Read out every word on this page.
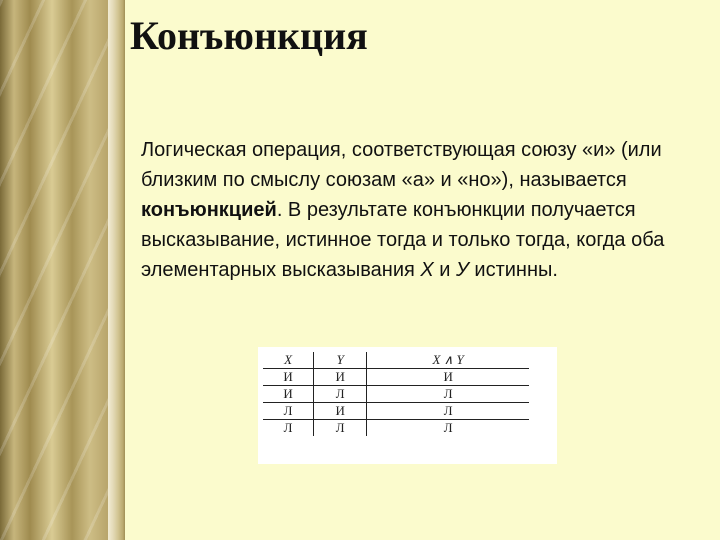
Конъюнкция

Логическая операция, соответствующая союзу «и» (или близким по смыслу союзам «а» и «но»), называется конъюнкцией. В результате конъюнкции получается высказывание, истинное тогда и только тогда, когда оба элементарных высказывания X и У истинны.

X	Y	X ∧ Y
И	И	И
И	Л	Л
Л	И	Л
Л	Л	Л
